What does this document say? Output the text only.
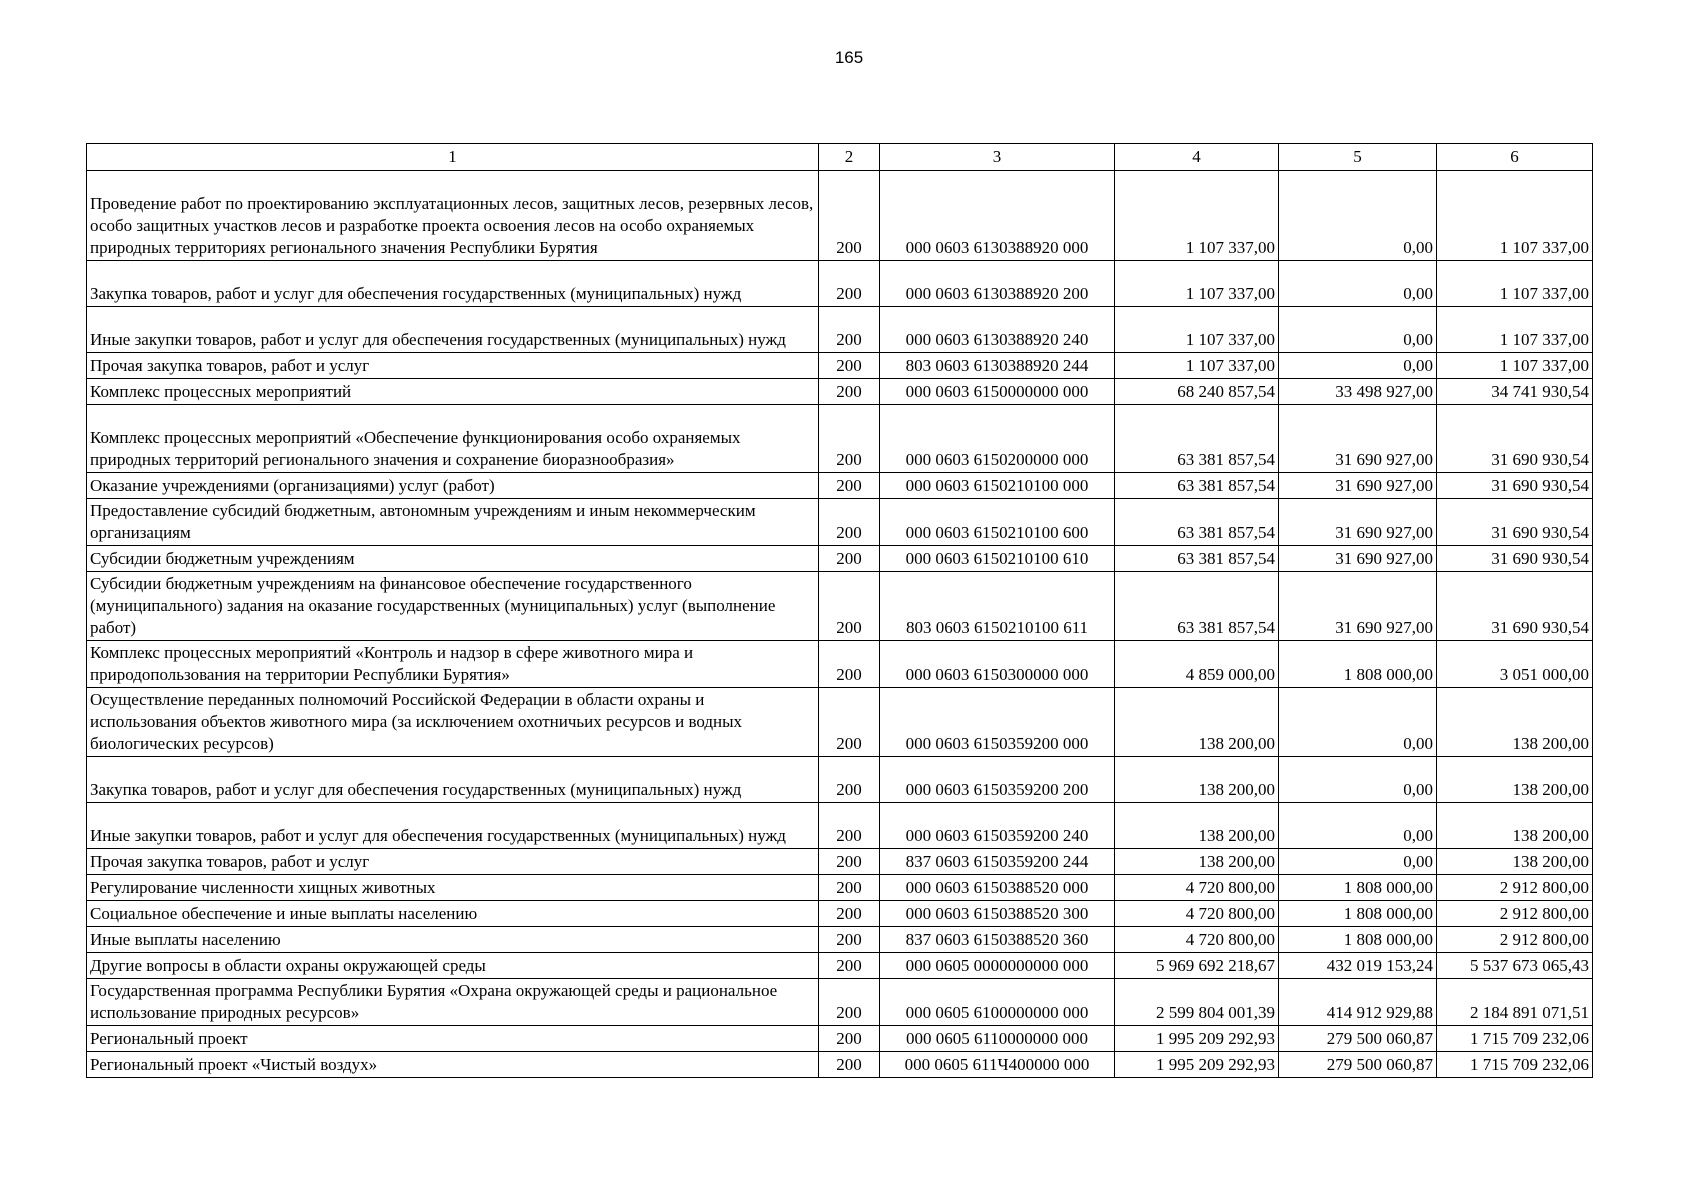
165
1	2	3	4	5	6
Проведение работ по проектированию эксплуатационных лесов, защитных лесов, резервных лесов, особо защитных участков лесов и разработке проекта освоения лесов на особо охраняемых природных территориях регионального значения Республики Бурятия	200	000 0603 6130388920 000	1 107 337,00	0,00	1 107 337,00
Закупка товаров, работ и услуг для обеспечения государственных (муниципальных) нужд	200	000 0603 6130388920 200	1 107 337,00	0,00	1 107 337,00
Иные закупки товаров, работ и услуг для обеспечения государственных (муниципальных) нужд	200	000 0603 6130388920 240	1 107 337,00	0,00	1 107 337,00
Прочая закупка товаров, работ и услуг	200	803 0603 6130388920 244	1 107 337,00	0,00	1 107 337,00
Комплекс процессных мероприятий	200	000 0603 6150000000 000	68 240 857,54	33 498 927,00	34 741 930,54
Комплекс процессных мероприятий «Обеспечение функционирования особо охраняемых природных территорий регионального значения и сохранение биоразнообразия»	200	000 0603 6150200000 000	63 381 857,54	31 690 927,00	31 690 930,54
Оказание учреждениями (организациями) услуг (работ)	200	000 0603 6150210100 000	63 381 857,54	31 690 927,00	31 690 930,54
Предоставление субсидий бюджетным, автономным учреждениям и иным некоммерческим организациям	200	000 0603 6150210100 600	63 381 857,54	31 690 927,00	31 690 930,54
Субсидии бюджетным учреждениям	200	000 0603 6150210100 610	63 381 857,54	31 690 927,00	31 690 930,54
Субсидии бюджетным учреждениям на финансовое обеспечение государственного (муниципального) задания на оказание государственных (муниципальных) услуг (выполнение работ)	200	803 0603 6150210100 611	63 381 857,54	31 690 927,00	31 690 930,54
Комплекс процессных мероприятий «Контроль и надзор в сфере животного мира и природопользования на территории Республики Бурятия»	200	000 0603 6150300000 000	4 859 000,00	1 808 000,00	3 051 000,00
Осуществление переданных полномочий Российской Федерации в области охраны и использования объектов животного мира (за исключением охотничьих ресурсов и водных биологических ресурсов)	200	000 0603 6150359200 000	138 200,00	0,00	138 200,00
Закупка товаров, работ и услуг для обеспечения государственных (муниципальных) нужд	200	000 0603 6150359200 200	138 200,00	0,00	138 200,00
Иные закупки товаров, работ и услуг для обеспечения государственных (муниципальных) нужд	200	000 0603 6150359200 240	138 200,00	0,00	138 200,00
Прочая закупка товаров, работ и услуг	200	837 0603 6150359200 244	138 200,00	0,00	138 200,00
Регулирование численности хищных животных	200	000 0603 6150388520 000	4 720 800,00	1 808 000,00	2 912 800,00
Социальное обеспечение и иные выплаты населению	200	000 0603 6150388520 300	4 720 800,00	1 808 000,00	2 912 800,00
Иные выплаты населению	200	837 0603 6150388520 360	4 720 800,00	1 808 000,00	2 912 800,00
Другие вопросы в области охраны окружающей среды	200	000 0605 0000000000 000	5 969 692 218,67	432 019 153,24	5 537 673 065,43
Государственная программа Республики Бурятия «Охрана окружающей среды и рациональное использование природных ресурсов»	200	000 0605 6100000000 000	2 599 804 001,39	414 912 929,88	2 184 891 071,51
Региональный проект	200	000 0605 6110000000 000	1 995 209 292,93	279 500 060,87	1 715 709 232,06
Региональный проект «Чистый воздух»	200	000 0605 611Ч400000 000	1 995 209 292,93	279 500 060,87	1 715 709 232,06
